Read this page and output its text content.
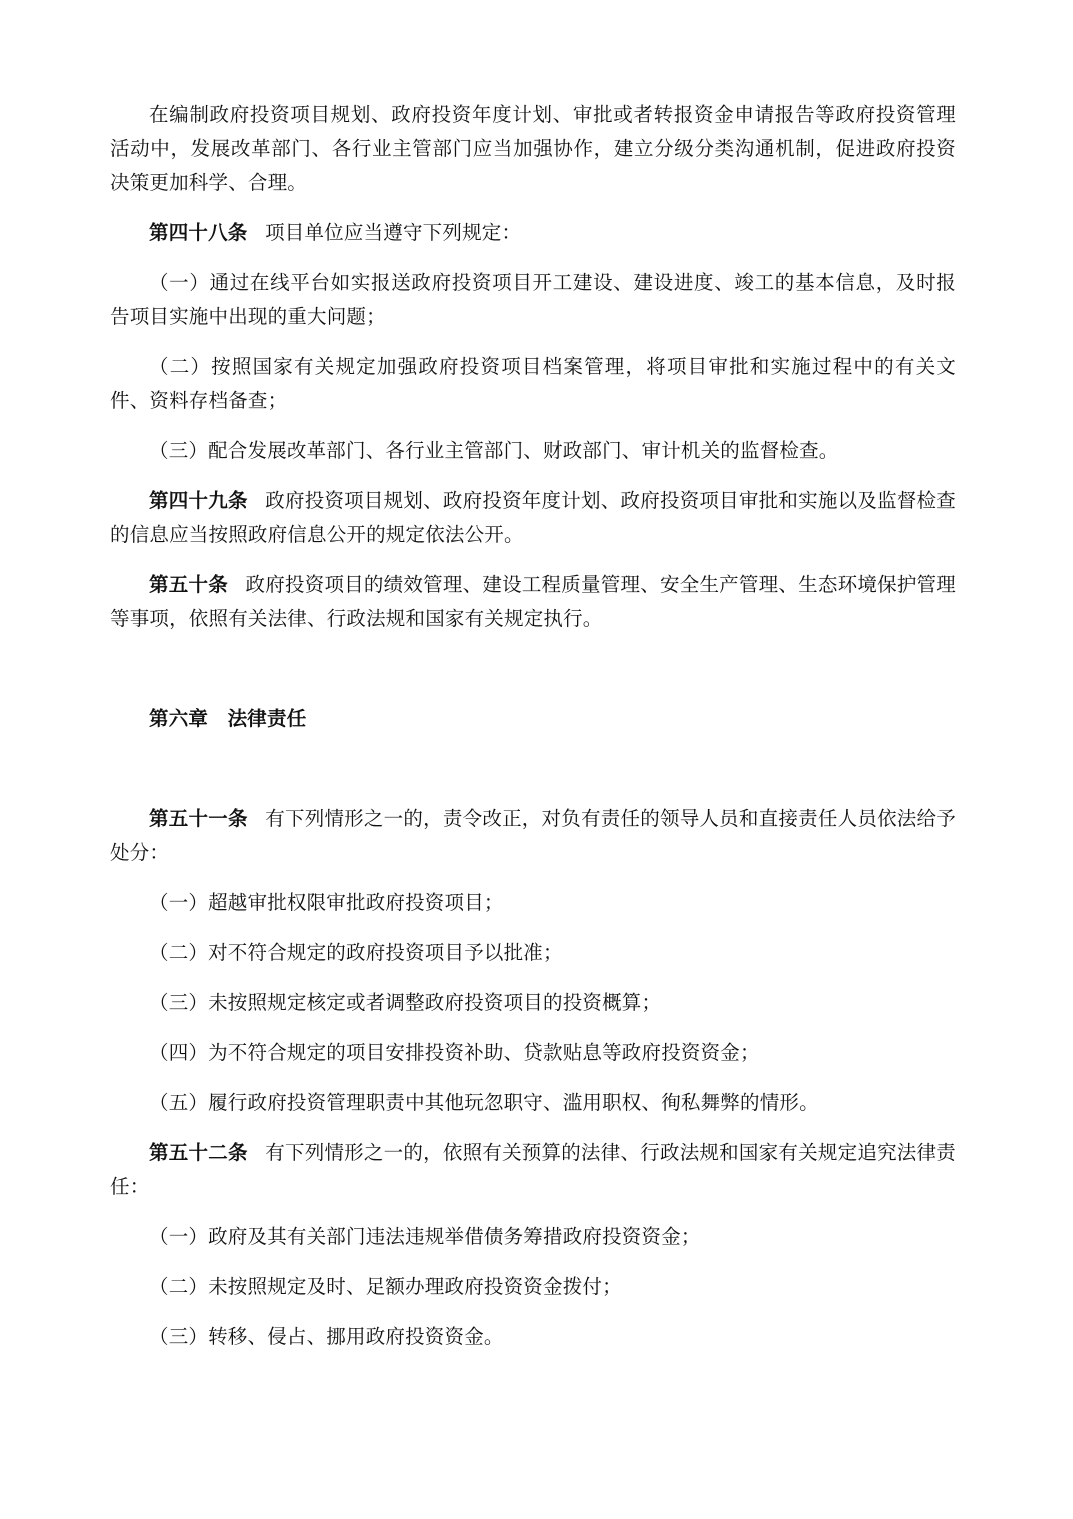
在编制政府投资项目规划、政府投资年度计划、审批或者转报资金申请报告等政府投资管理活动中，发展改革部门、各行业主管部门应当加强协作，建立分级分类沟通机制，促进政府投资决策更加科学、合理。

第四十八条 项目单位应当遵守下列规定：

（一）通过在线平台如实报送政府投资项目开工建设、建设进度、竣工的基本信息，及时报告项目实施中出现的重大问题；

（二）按照国家有关规定加强政府投资项目档案管理，将项目审批和实施过程中的有关文件、资料存档备查；

（三）配合发展改革部门、各行业主管部门、财政部门、审计机关的监督检查。

第四十九条 政府投资项目规划、政府投资年度计划、政府投资项目审批和实施以及监督检查的信息应当按照政府信息公开的规定依法公开。

第五十条 政府投资项目的绩效管理、建设工程质量管理、安全生产管理、生态环境保护管理等事项，依照有关法律、行政法规和国家有关规定执行。

第六章 法律责任

第五十一条 有下列情形之一的，责令改正，对负有责任的领导人员和直接责任人员依法给予处分：

（一）超越审批权限审批政府投资项目；

（二）对不符合规定的政府投资项目予以批准；

（三）未按照规定核定或者调整政府投资项目的投资概算；

（四）为不符合规定的项目安排投资补助、贷款贴息等政府投资资金；

（五）履行政府投资管理职责中其他玩忽职守、滥用职权、徇私舞弊的情形。

第五十二条 有下列情形之一的，依照有关预算的法律、行政法规和国家有关规定追究法律责任：

（一）政府及其有关部门违法违规举借债务筹措政府投资资金；

（二）未按照规定及时、足额办理政府投资资金拨付；

（三）转移、侵占、挪用政府投资资金。
